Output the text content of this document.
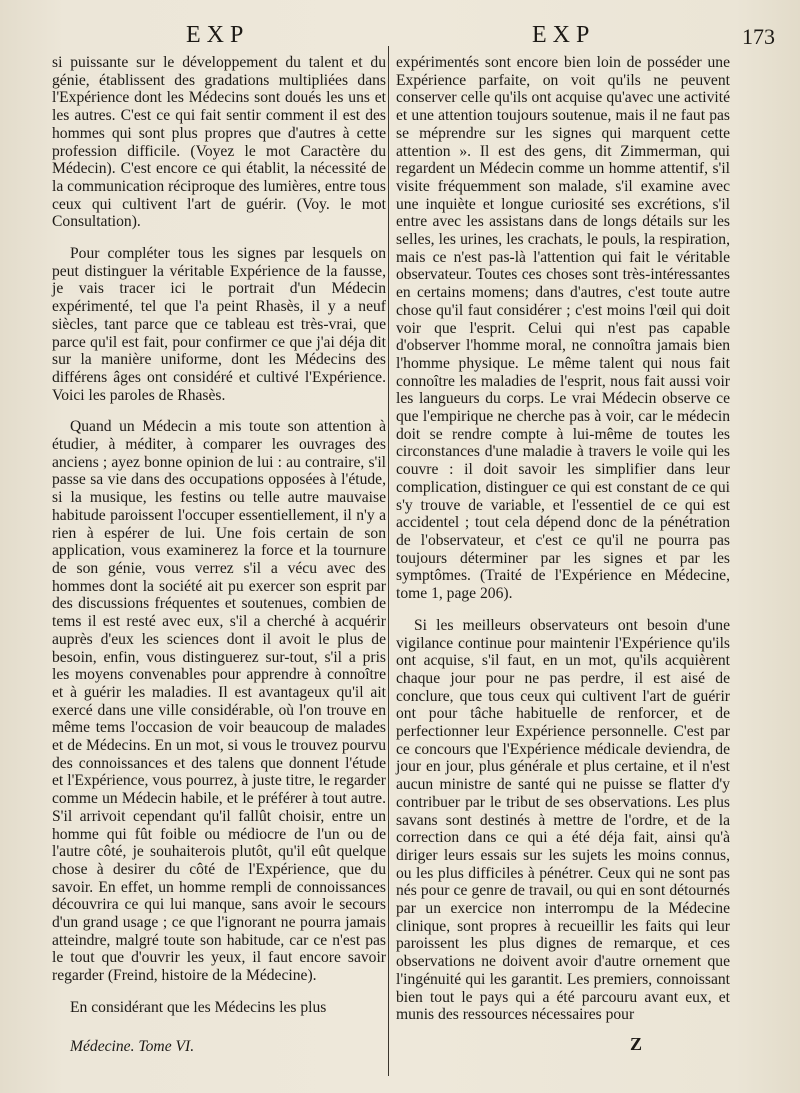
EXP	EXP	173

si puissante sur le développement du talent et du génie, établissent des gradations multipliées dans l'Expérience dont les Médecins sont doués les uns et les autres. C'est ce qui fait sentir comment il est des hommes qui sont plus propres que d'autres à cette profession difficile. (Voyez le mot Caractère du Médecin). C'est encore ce qui établit, la nécessité de la communication réciproque des lumières, entre tous ceux qui cultivent l'art de guérir. (Voy. le mot Consultation).

Pour compléter tous les signes par lesquels on peut distinguer la véritable Expérience de la fausse, je vais tracer ici le portrait d'un Médecin expérimenté, tel que l'a peint Rhasès, il y a neuf siècles, tant parce que ce tableau est très-vrai, que parce qu'il est fait, pour confirmer ce que j'ai déja dit sur la manière uniforme, dont les Médecins des différens âges ont considéré et cultivé l'Expérience. Voici les paroles de Rhasès.

Quand un Médecin a mis toute son attention à étudier, à méditer, à comparer les ouvrages des anciens ; ayez bonne opinion de lui : au contraire, s'il passe sa vie dans des occupations opposées à l'étude, si la musique, les festins ou telle autre mauvaise habitude paroissent l'occuper essentiellement, il n'y a rien à espérer de lui. Une fois certain de son application, vous examinerez la force et la tournure de son génie, vous verrez s'il a vécu avec des hommes dont la société ait pu exercer son esprit par des discussions fréquentes et soutenues, combien de tems il est resté avec eux, s'il a cherché à acquérir auprès d'eux les sciences dont il avoit le plus de besoin, enfin, vous distinguerez sur-tout, s'il a pris les moyens convenables pour apprendre à connoître et à guérir les maladies. Il est avantageux qu'il ait exercé dans une ville considérable, où l'on trouve en même tems l'occasion de voir beaucoup de malades et de Médecins. En un mot, si vous le trouvez pourvu des connoissances et des talens que donnent l'étude et l'Expérience, vous pourrez, à juste titre, le regarder comme un Médecin habile, et le préférer à tout autre. S'il arrivoit cependant qu'il fallût choisir, entre un homme qui fût foible ou médiocre de l'un ou de l'autre côté, je souhaiterois plutôt, qu'il eût quelque chose à desirer du côté de l'Expérience, que du savoir. En effet, un homme rempli de connoissances découvrira ce qui lui manque, sans avoir le secours d'un grand usage ; ce que l'ignorant ne pourra jamais atteindre, malgré toute son habitude, car ce n'est pas le tout que d'ouvrir les yeux, il faut encore savoir regarder (Freind, histoire de la Médecine).

En considérant que les Médecins les plus

expérimentés sont encore bien loin de posséder une Expérience parfaite, on voit qu'ils ne peuvent conserver celle qu'ils ont acquise qu'avec une activité et une attention toujours soutenue, mais il ne faut pas se méprendre sur les signes qui marquent cette attention ». Il est des gens, dit Zimmerman, qui regardent un Médecin comme un homme attentif, s'il visite fréquemment son malade, s'il examine avec une inquiète et longue curiosité ses excrétions, s'il entre avec les assistans dans de longs détails sur les selles, les urines, les crachats, le pouls, la respiration, mais ce n'est pas-là l'attention qui fait le véritable observateur. Toutes ces choses sont très-intéressantes en certains momens; dans d'autres, c'est toute autre chose qu'il faut considérer ; c'est moins l'œil qui doit voir que l'esprit. Celui qui n'est pas capable d'observer l'homme moral, ne connoîtra jamais bien l'homme physique. Le même talent qui nous fait connoître les maladies de l'esprit, nous fait aussi voir les langueurs du corps. Le vrai Médecin observe ce que l'empirique ne cherche pas à voir, car le médecin doit se rendre compte à lui-même de toutes les circonstances d'une maladie à travers le voile qui les couvre : il doit savoir les simplifier dans leur complication, distinguer ce qui est constant de ce qui s'y trouve de variable, et l'essentiel de ce qui est accidentel ; tout cela dépend donc de la pénétration de l'observateur, et c'est ce qu'il ne pourra pas toujours déterminer par les signes et par les symptômes. (Traité de l'Expérience en Médecine, tome 1, page 206).

Si les meilleurs observateurs ont besoin d'une vigilance continue pour maintenir l'Expérience qu'ils ont acquise, s'il faut, en un mot, qu'ils acquièrent chaque jour pour ne pas perdre, il est aisé de conclure, que tous ceux qui cultivent l'art de guérir ont pour tâche habituelle de renforcer, et de perfectionner leur Expérience personnelle. C'est par ce concours que l'Expérience médicale deviendra, de jour en jour, plus générale et plus certaine, et il n'est aucun ministre de santé qui ne puisse se flatter d'y contribuer par le tribut de ses observations. Les plus savans sont destinés à mettre de l'ordre, et de la correction dans ce qui a été déja fait, ainsi qu'à diriger leurs essais sur les sujets les moins connus, ou les plus difficiles à pénétrer. Ceux qui ne sont pas nés pour ce genre de travail, ou qui en sont détournés par un exercice non interrompu de la Médecine clinique, sont propres à recueillir les faits qui leur paroissent les plus dignes de remarque, et ces observations ne doivent avoir d'autre ornement que l'ingénuité qui les garantit. Les premiers, connoissant bien tout le pays qui a été parcouru avant eux, et munis des ressources nécessaires pour

Médecine. Tome VI.	Z
